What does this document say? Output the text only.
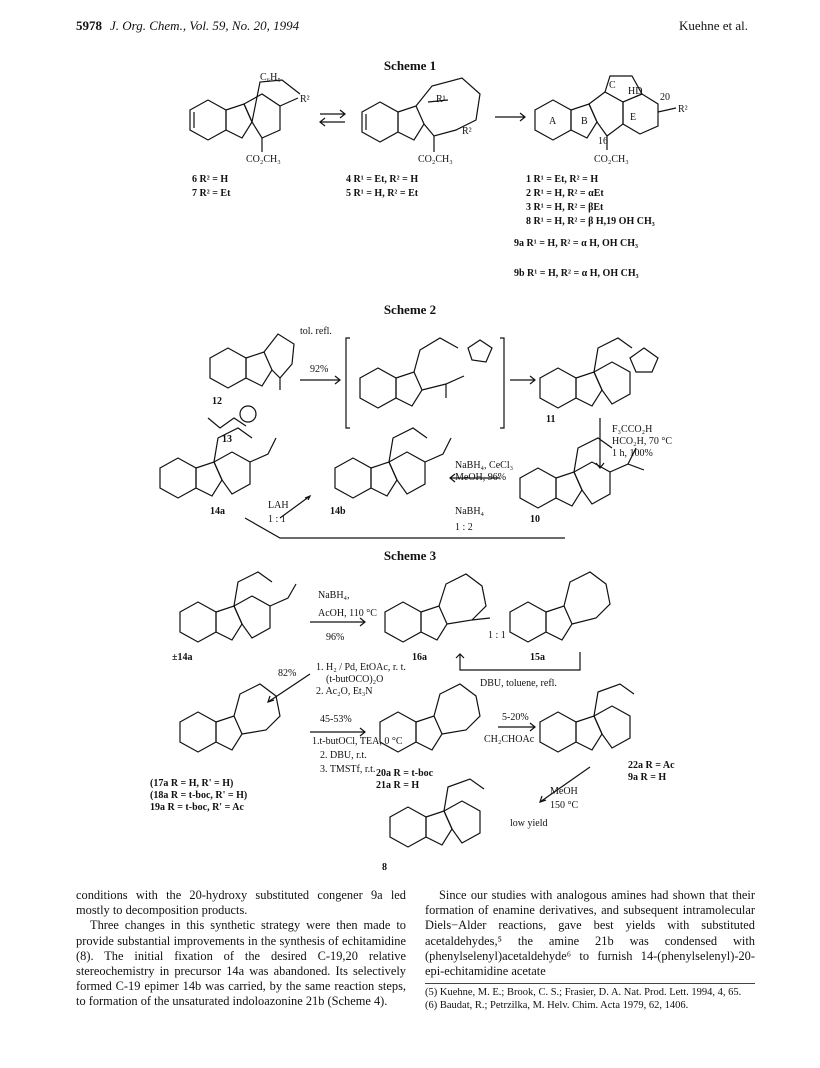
5978 J. Org. Chem., Vol. 59, No. 20, 1994	Kuehne et al.
Scheme 1
C₆H₅
R²
CO₂CH₃
R¹
R²
CO₂CH₃
A B
C
HD
E
20
16
R²
CO₂CH₃
6 R² = H
7 R² = Et
4 R¹ = Et, R² = H
5 R¹ = H, R² = Et
1 R¹ = Et, R² = H
2 R¹ = H, R² = αEt
3 R¹ = H, R² = βEt
8 R¹ = H, R² = β H,19 OH CH₃
9a R¹ = H, R² = α H, OH CH₃
9b R¹ = H, R² = α H, OH CH₃
Scheme 2
tol. refl.
92%
F₃CCO₂H
HCO₂H, 70 °C
1 h, 100%
NaBH₄, CeCl₃
MeOH, 96%
NaBH₄
1 : 2
LAH
1 : 1
12
13
11
10
14a	14b
Scheme 3
NaBH₄,
AcOH, 110 °C
96%	1 : 1
DBU, toluene, refl.
82%
1. H₂ / Pd, EtOAc, r. t.
(t-butOCO)₂O
2. Ac₂O, Et₃N
45-53%
1.t-butOCl, TEA, 0 °C
2. DBU, r.t.
3. TMSTf, r.t.
5-20%
CH₂CHOAc
MeOH
150 °C
low yield
±14a	16a	15a
(17a R = H, R' = H)
(18a R = t-boc, R' = H)
19a R = t-boc, R' = Ac
20a R = t-boc
21a R = H
22a R = Ac
9a R = H
8

conditions with the 20-hydroxy substituted congener 9a led mostly to decomposition products.

Three changes in this synthetic strategy were then made to provide substantial improvements in the synthesis of echitamidine (8). The initial fixation of the desired C-19,20 relative stereochemistry in precursor 14a was abandoned. Its selectively formed C-19 epimer 14b was carried, by the same reaction steps, to formation of the unsaturated indoloazonine 21b (Scheme 4).

Since our studies with analogous amines had shown that their formation of enamine derivatives, and subsequent intramolecular Diels−Alder reactions, gave best yields with substituted acetaldehydes,⁵ the amine 21b was condensed with (phenylselenyl)acetaldehyde⁶ to furnish 14-(phenylselenyl)-20-epi-echitamidine acetate

(5) Kuehne, M. E.; Brook, C. S.; Frasier, D. A. Nat. Prod. Lett. 1994, 4, 65.
(6) Baudat, R.; Petrzilka, M. Helv. Chim. Acta 1979, 62, 1406.
